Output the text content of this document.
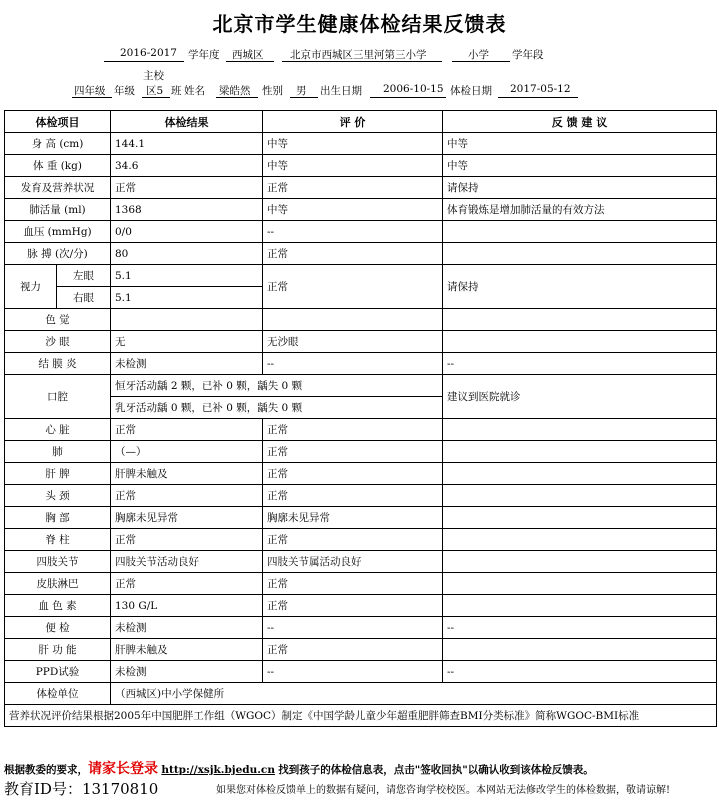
北京市学生健康体检结果反馈表
2016-2017 学年度 西城区	北京市西城区三里河第三小学	小学 学年段
主校
四年级 年级 区5 班 姓名 梁皓然 性别 男 出生日期 2006-10-15 体检日期 2017-05-12
体检项目		体检结果	评 价	反 馈 建 议
身 高 (cm)		144.1	中等	中等
体 重 (kg)		34.6	中等	中等
发育及营养状况		正常	正常	请保持
肺活量 (ml)		1368	中等	体育锻炼是增加肺活量的有效方法
血压 (mmHg)		0/0	--	
脉 搏 (次/分)		80	正常	
视力	左眼	5.1	正常	请保持
	右眼	5.1		
色 觉				
沙 眼		无	无沙眼	
结 膜 炎		未检测	--	--
口腔		恒牙活动龋 2 颗，已补 0 颗，龋失 0 颗		建议到医院就诊
		乳牙活动龋 0 颗，已补 0 颗，龋失 0 颗		
心 脏		正常	正常	
肺		（—）	正常	
肝 脾		肝脾未触及	正常	
头 颈		正常	正常	
胸 部		胸廓未见异常	胸廓未见异常	
脊 柱		正常	正常	
四肢关节		四肢关节活动良好	四肢关节属活动良好	
皮肤淋巴		正常	正常	
血 色 素		130 G/L	正常	
便 检		未检测	--	--
肝 功 能		肝脾未触及	正常	
PPD试验		未检测	--	--
体检单位		（西城区)中小学保健所		
营养状况评价结果根据2005年中国肥胖工作组（WGOC）制定《中国学龄儿童少年超重肥胖筛查BMI分类标准》简称WGOC-BMI标准				
根据教委的要求，请家长登录 http://xsjk.bjedu.cn 找到孩子的体检信息表，点击"签收回执"以确认收到该体检反馈表。
教育ID号：13170810	如果您对体检反馈单上的数据有疑问，请您咨询学校校医。本网站无法修改学生的体检数据，敬请谅解!
